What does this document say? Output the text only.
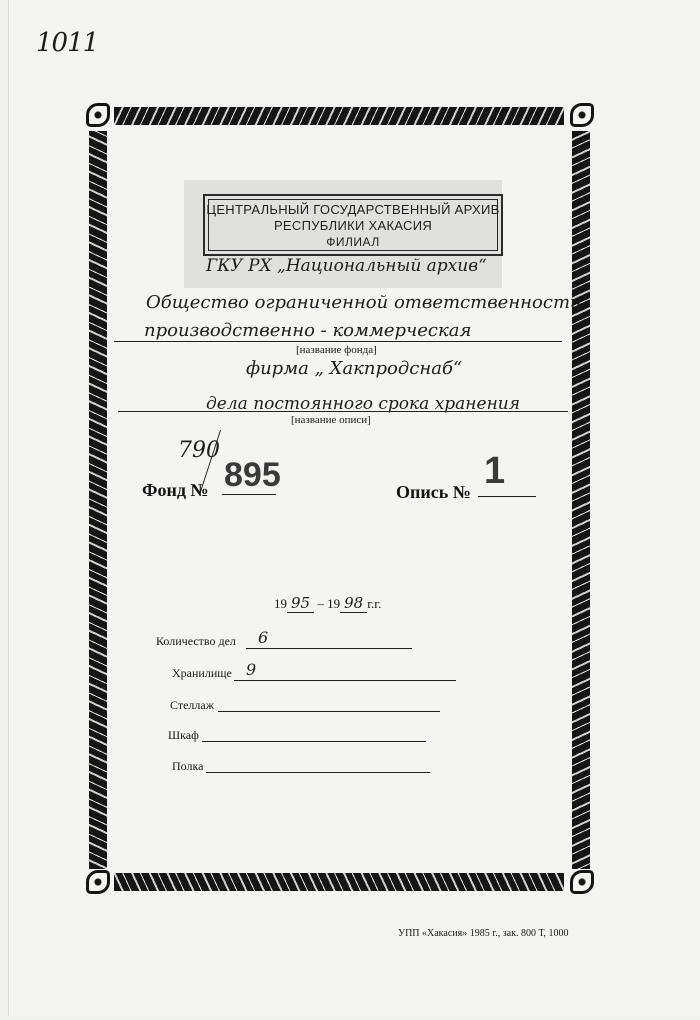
1011
ЦЕНТРАЛЬНЫЙ ГОСУДАРСТВЕННЫЙ АРХИВ
РЕСПУБЛИКИ ХАКАСИЯ
ФИЛИАЛ
ГКУ РХ „Национальный архив“
Общество ограниченной ответственности
производственно - коммерческая
[название фонда]
фирма „ Хакпродснаб“
дела постоянного срока хранения
[название описи]
790
Фонд № 895	Опись № 1
19 95 – 19 98 г.г.
Количество дел 6
Хранилище 9
Стеллаж
Шкаф
Полка
УПП «Хакасия» 1985 г., зак. 800 Т, 1000
